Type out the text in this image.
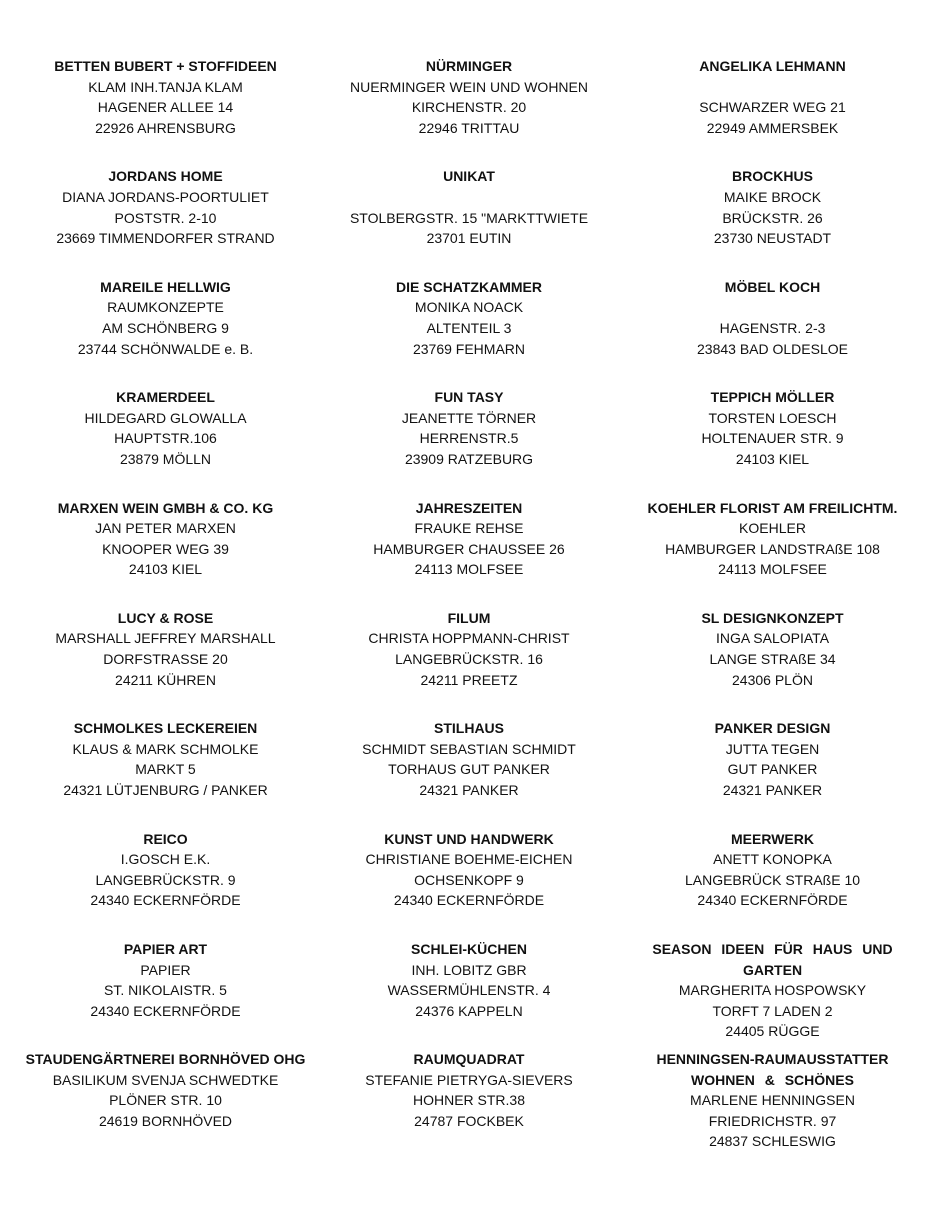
BETTEN BUBERT + STOFFIDEEN
KLAM INH.TANJA KLAM
HAGENER ALLEE 14
22926 AHRENSBURG
NÜRMINGER
NUERMINGER WEIN UND WOHNEN
KIRCHENSTR. 20
22946 TRITTAU
ANGELIKA LEHMANN
SCHWARZER WEG 21
22949 AMMERSBEK
JORDANS HOME
DIANA JORDANS-POORTULIET
POSTSTR. 2-10
23669 TIMMENDORFER STRAND
UNIKAT
STOLBERGSTR. 15 "MARKTTWIETE
23701 EUTIN
BROCKHUS
MAIKE BROCK
BRÜCKSTR. 26
23730 NEUSTADT
MAREILE HELLWIG
RAUMKONZEPTE
AM SCHÖNBERG 9
23744 SCHÖNWALDE e. B.
DIE SCHATZKAMMER
MONIKA NOACK
ALTENTEIL 3
23769 FEHMARN
MÖBEL KOCH
HAGENSTR. 2-3
23843 BAD OLDESLOE
KRAMERDEEL
HILDEGARD GLOWALLA
HAUPTSTR.106
23879 MÖLLN
FUN TASY
JEANETTE TÖRNER
HERRENSTR.5
23909 RATZEBURG
TEPPICH MÖLLER
TORSTEN LOESCH
HOLTENAUER STR. 9
24103 KIEL
MARXEN WEIN GMBH & CO. KG
JAN PETER MARXEN
KNOOPER WEG 39
24103 KIEL
JAHRESZEITEN
FRAUKE REHSE
HAMBURGER CHAUSSEE 26
24113 MOLFSEE
KOEHLER FLORIST AM FREILICHTM.
KOEHLER
HAMBURGER LANDSTRAßE 108
24113 MOLFSEE
LUCY & ROSE
MARSHALL JEFFREY MARSHALL
DORFSTRASSE 20
24211 KÜHREN
FILUM
CHRISTA HOPPMANN-CHRIST
LANGEBRÜCKSTR. 16
24211 PREETZ
SL DESIGNKONZEPT
INGA SALOPIATA
LANGE STRAßE 34
24306 PLÖN
SCHMOLKES LECKEREIEN
KLAUS & MARK SCHMOLKE
MARKT 5
24321 LÜTJENBURG / PANKER
STILHAUS
SCHMIDT SEBASTIAN SCHMIDT
TORHAUS GUT PANKER
24321 PANKER
PANKER DESIGN
JUTTA TEGEN
GUT PANKER
24321 PANKER
REICO
I.GOSCH E.K.
LANGEBRÜCKSTR. 9
24340 ECKERNFÖRDE
KUNST UND HANDWERK
CHRISTIANE BOEHME-EICHEN
OCHSENKOPF 9
24340 ECKERNFÖRDE
MEERWERK
ANETT KONOPKA
LANGEBRÜCK STRAßE 10
24340 ECKERNFÖRDE
PAPIER ART
PAPIER
ST. NIKOLAISTR. 5
24340 ECKERNFÖRDE
SCHLEI-KÜCHEN
INH. LOBITZ GBR
WASSERMÜHLENSTR. 4
24376 KAPPELN
SEASON IDEEN FÜR HAUS UND GARTEN
MARGHERITA HOSPOWSKY
TORFT 7 LADEN 2
24405 RÜGGE
STAUDENGÄRTNEREI BORNHÖVED OHG
BASILIKUM SVENJA SCHWEDTKE
PLÖNER STR. 10
24619 BORNHÖVED
RAUMQUADRAT
STEFANIE PIETRYGA-SIEVERS
HOHNER STR.38
24787 FOCKBEK
HENNINGSEN-RAUMAUSSTATTER WOHNEN & SCHÖNES
MARLENE HENNINGSEN
FRIEDRICHSTR. 97
24837 SCHLESWIG
